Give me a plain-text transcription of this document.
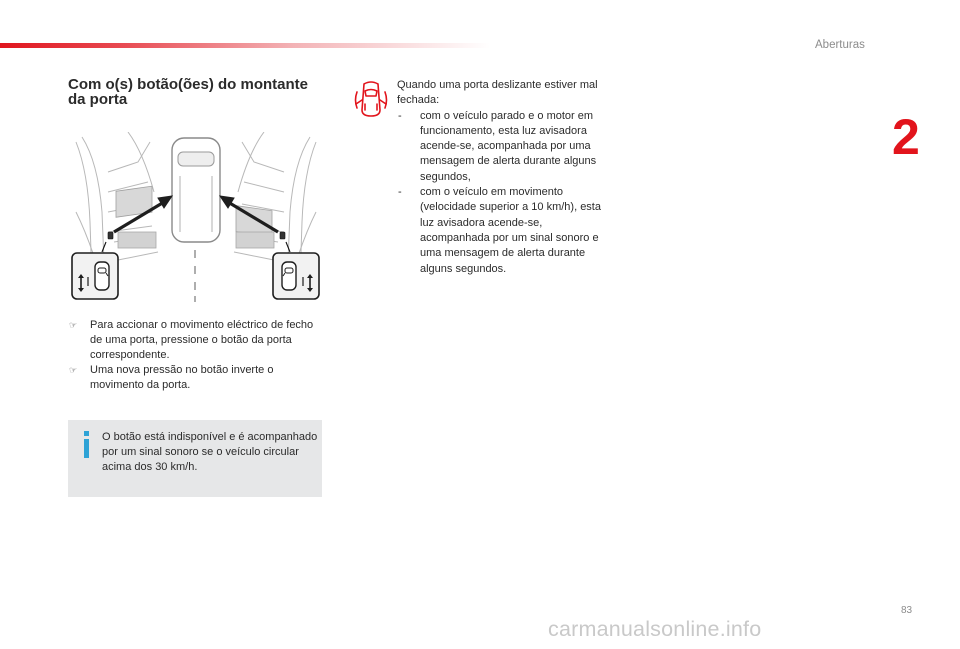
Aberturas
2
Com o(s) botão(ões) do montante da porta
☞ Para accionar o movimento eléctrico de fecho de uma porta, pressione o botão da porta correspondente.
☞ Uma nova pressão no botão inverte o movimento da porta.
O botão está indisponível e é acompanhado por um sinal sonoro se o veículo circular acima dos 30 km/h.
Quando uma porta deslizante estiver mal fechada:
- com o veículo parado e o motor em funcionamento, esta luz avisadora acende-se, acompanhada por uma mensagem de alerta durante alguns segundos,
- com o veículo em movimento (velocidade superior a 10 km/h), esta luz avisadora acende-se, acompanhada por um sinal sonoro e uma mensagem de alerta durante alguns segundos.
83
carmanualsonline.info
